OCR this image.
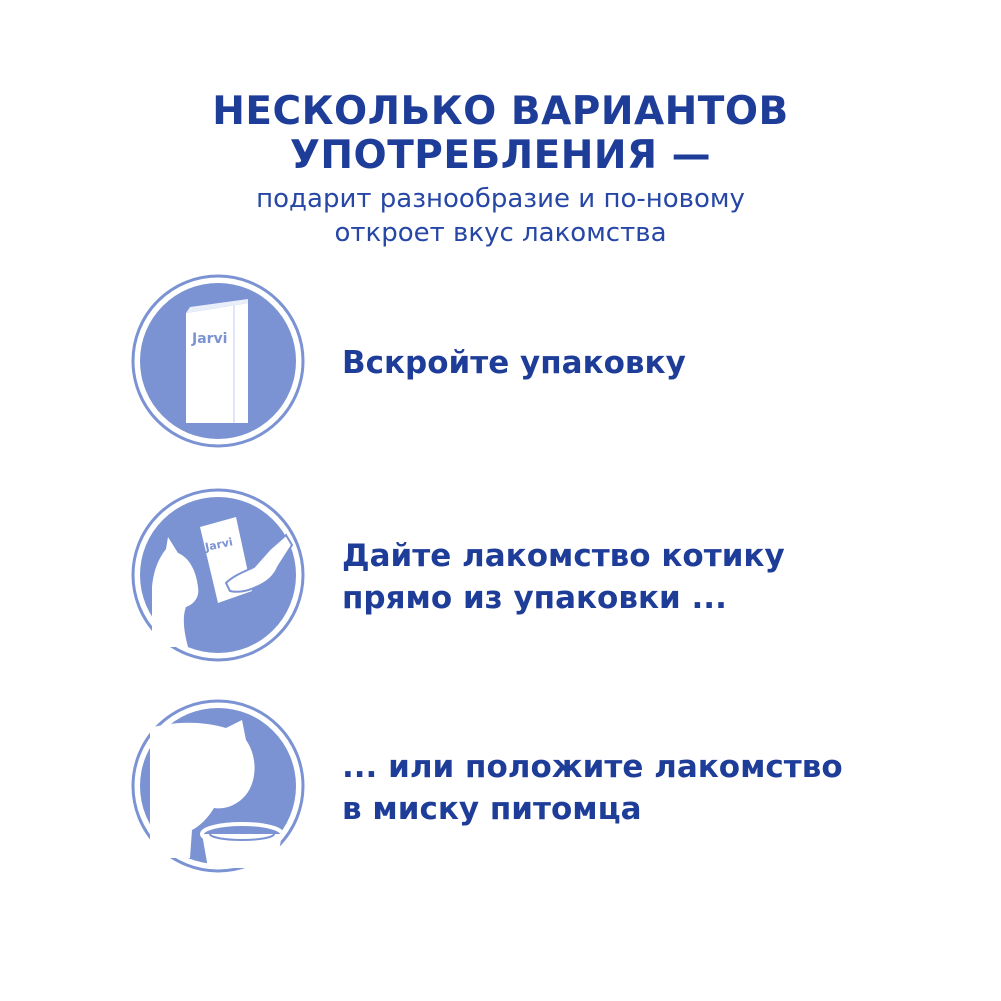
НЕСКОЛЬКО ВАРИАНТОВ
УПОТРЕБЛЕНИЯ —
подарит разнообразие и по-новому
откроет вкус лакомства
Jarvi
Вскройте упаковку
Jarvi	Дайте лакомство котику
прямо из упаковки ...
... или положите лакомство
в миску питомца
